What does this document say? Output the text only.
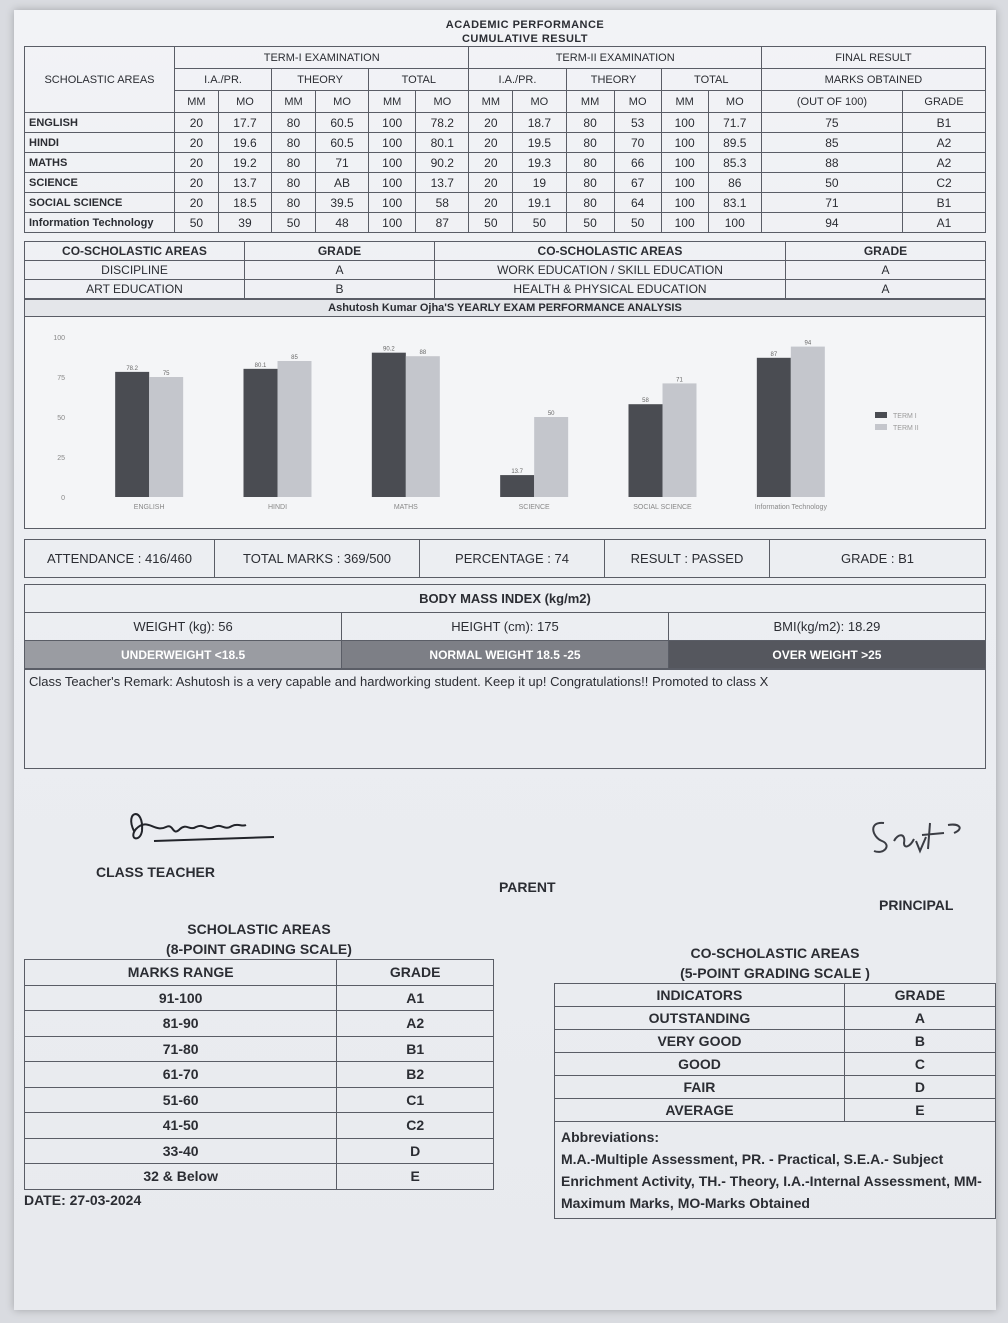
ACADEMIC PERFORMANCE
CUMULATIVE RESULT
SCHOLASTIC AREAS	TERM-I EXAMINATION						TERM-II EXAMINATION						FINAL RESULT	
	I.A./PR.		THEORY		TOTAL		I.A./PR.		THEORY		TOTAL		MARKS OBTAINED	
	MM	MO	MM	MO	MM	MO	MM	MO	MM	MO	MM	MO	(OUT OF 100)	GRADE
ENGLISH	20	17.7	80	60.5	100	78.2	20	18.7	80	53	100	71.7	75	B1
HINDI	20	19.6	80	60.5	100	80.1	20	19.5	80	70	100	89.5	85	A2
MATHS	20	19.2	80	71	100	90.2	20	19.3	80	66	100	85.3	88	A2
SCIENCE	20	13.7	80	AB	100	13.7	20	19	80	67	100	86	50	C2
SOCIAL SCIENCE	20	18.5	80	39.5	100	58	20	19.1	80	64	100	83.1	71	B1
Information Technology	50	39	50	48	100	87	50	50	50	50	100	100	94	A1
CO-SCHOLASTIC AREAS	GRADE	CO-SCHOLASTIC AREAS	GRADE
DISCIPLINE	A	WORK EDUCATION / SKILL EDUCATION	A
ART EDUCATION	B	HEALTH & PHYSICAL EDUCATION	A
Ashutosh Kumar Ojha'S YEARLY EXAM PERFORMANCE ANALYSIS
100
75
50
25
0
78.2
75
ENGLISH
80.1
85
HINDI
90.2
88
MATHS
13.7
50
SCIENCE
58
71
SOCIAL SCIENCE
87
94
Information Technology
TERM I
TERM II
ATTENDANCE : 416/460	TOTAL MARKS : 369/500	PERCENTAGE : 74	RESULT : PASSED	GRADE : B1
BODY MASS INDEX (kg/m2)		
WEIGHT (kg): 56	HEIGHT (cm): 175	BMI(kg/m2): 18.29
UNDERWEIGHT <18.5	NORMAL WEIGHT 18.5 -25	OVER WEIGHT >25
Class Teacher's Remark: Ashutosh is a very capable and hardworking student. Keep it up! Congratulations!! Promoted to class X
CLASS TEACHER
PARENT
PRINCIPAL
SCHOLASTIC AREAS
(8-POINT GRADING SCALE)
MARKS RANGE	GRADE
91-100	A1
81-90	A2
71-80	B1
61-70	B2
51-60	C1
41-50	C2
33-40	D
32 & Below	E
DATE: 27-03-2024
CO-SCHOLASTIC AREAS
(5-POINT GRADING SCALE )
INDICATORS	GRADE
OUTSTANDING	A
VERY GOOD	B
GOOD	C
FAIR	D
AVERAGE	E
Abbreviations:
M.A.-Multiple Assessment, PR. - Practical, S.E.A.- Subject Enrichment Activity, TH.- Theory, I.A.-Internal Assessment, MM-Maximum Marks, MO-Marks Obtained
